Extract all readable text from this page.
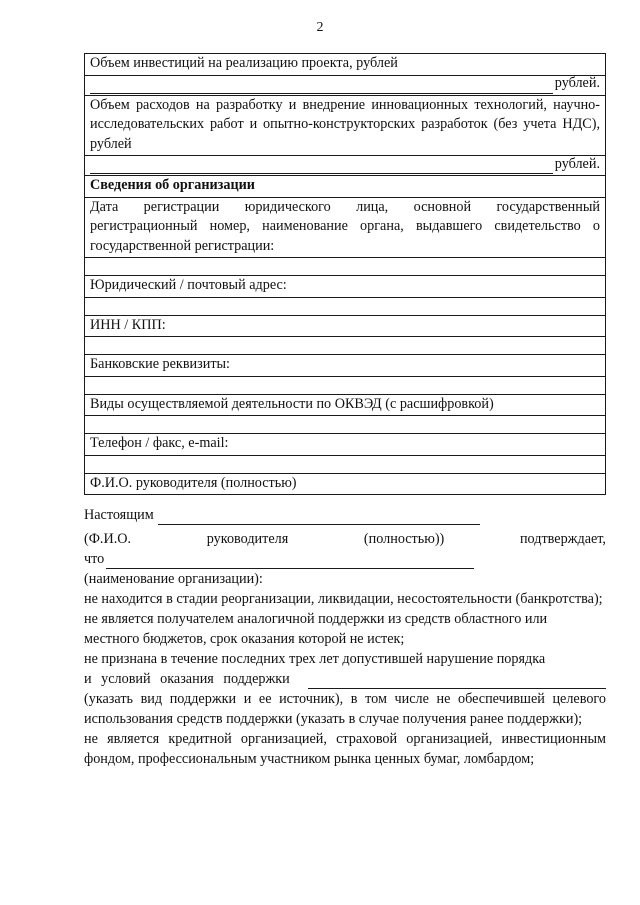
2
Объем инвестиций на реализацию проекта, рублей

рублей.

Объем расходов на разработку и внедрение инновационных технологий, научно-исследовательских работ и опытно-конструкторских разработок (без учета НДС), рублей

рублей.

Сведения об организации
Дата регистрации юридического лица, основной государственный регистрационный номер, наименование органа, выдавшего свидетельство о государственной регистрации:

Юридический / почтовый адрес:

ИНН / КПП:

Банковские реквизиты:

Виды осуществляемой деятельности по ОКВЭД (с расшифровкой)

Телефон / факс, e-mail:

Ф.И.О. руководителя (полностью)
Настоящим
(Ф.И.О.	руководителя	(полностью))	подтверждает,
что
(наименование организации):
не находится в стадии реорганизации, ликвидации, несостоятельности (банкротства);
не является получателем аналогичной поддержки из средств областного или местного бюджетов, срок оказания которой не истек;
не признана в течение последних трех лет допустившей нарушение порядка
и условий оказания поддержки
(указать вид поддержки и ее источник), в том числе не обеспечившей целевого использования средств поддержки (указать в случае получения ранее поддержки);
не является кредитной организацией, страховой организацией, инвестиционным фондом, профессиональным участником рынка ценных бумаг, ломбардом;
